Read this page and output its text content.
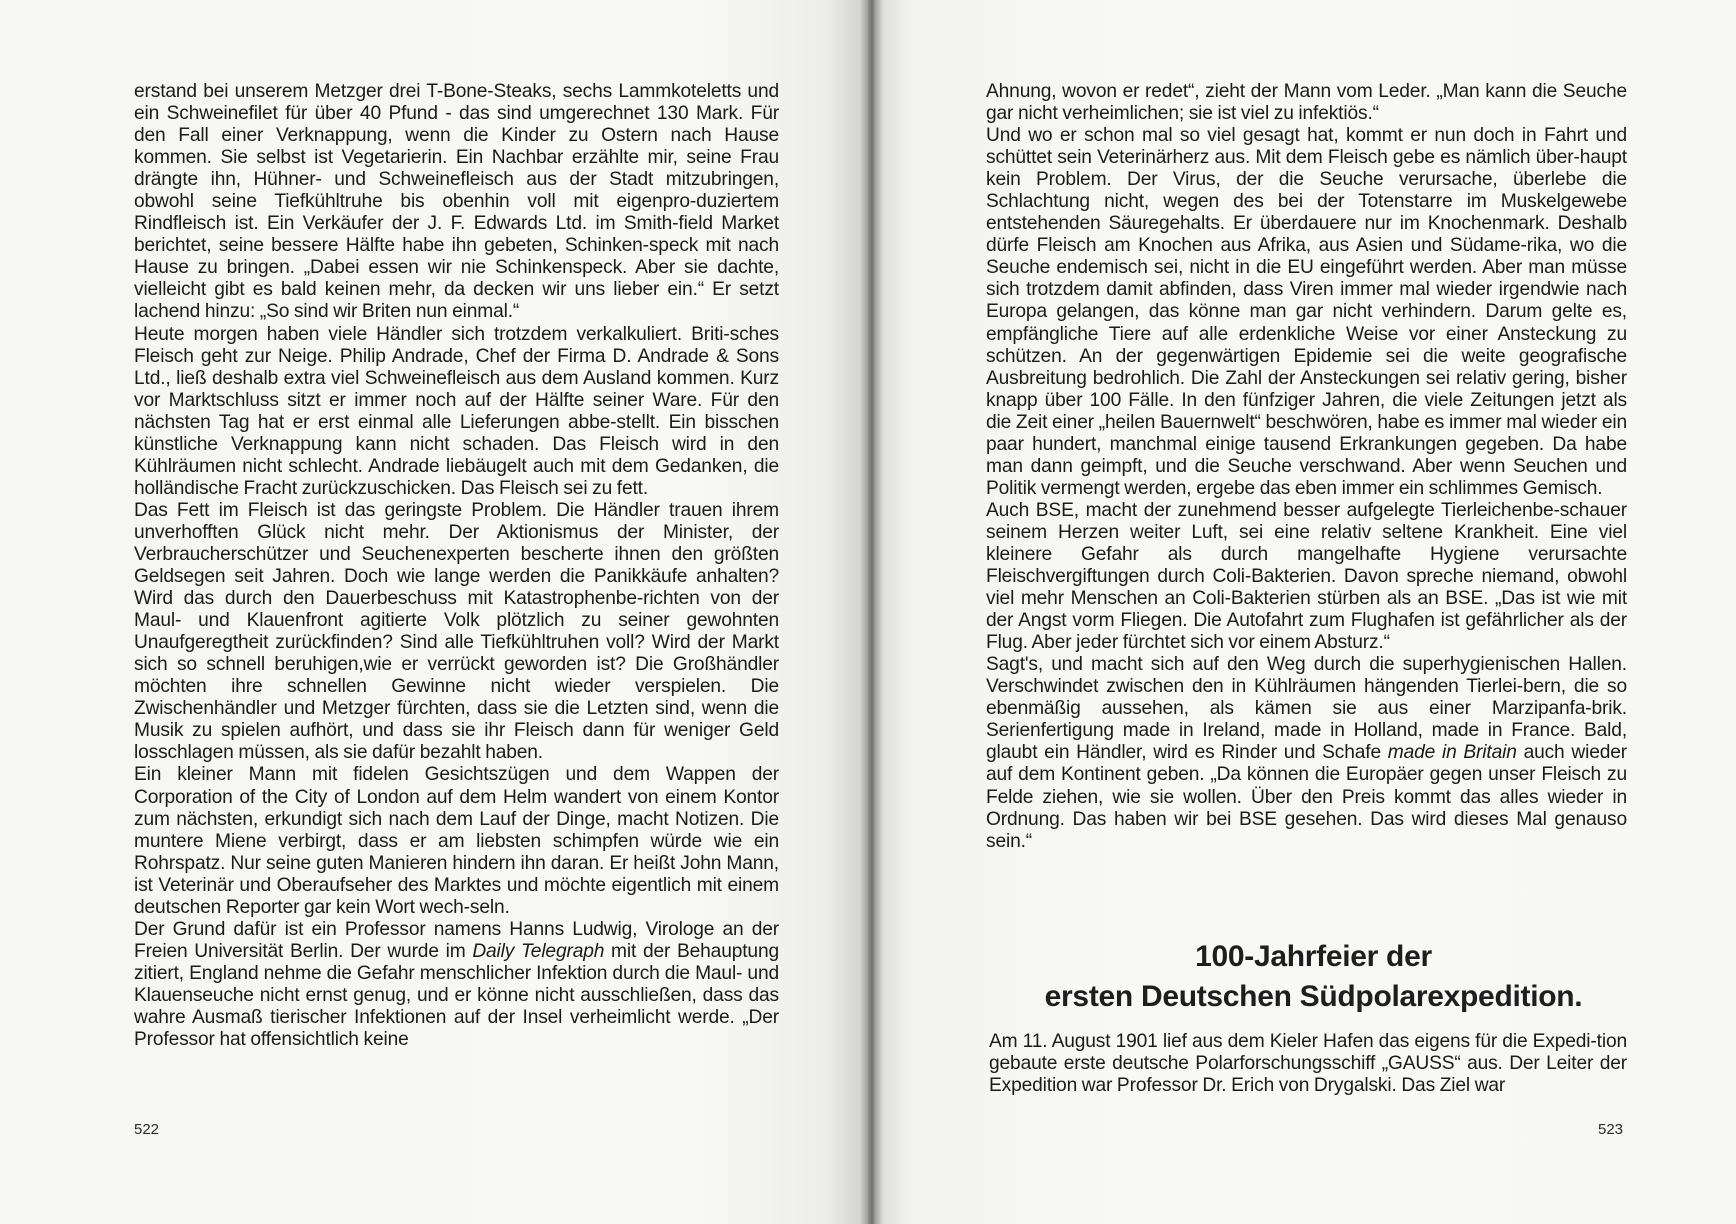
erstand bei unserem Metzger drei T-Bone-Steaks, sechs Lammkoteletts und ein Schweinefilet für über 40 Pfund - das sind umgerechnet 130 Mark. Für den Fall einer Verknappung, wenn die Kinder zu Ostern nach Hause kommen. Sie selbst ist Vegetarierin. Ein Nachbar erzählte mir, seine Frau drängte ihn, Hühner- und Schweinefleisch aus der Stadt mitzubringen, obwohl seine Tiefkühltruhe bis obenhin voll mit eigenpro-duziertem Rindfleisch ist. Ein Verkäufer der J. F. Edwards Ltd. im Smith-field Market berichtet, seine bessere Hälfte habe ihn gebeten, Schinken-speck mit nach Hause zu bringen. „Dabei essen wir nie Schinkenspeck. Aber sie dachte, vielleicht gibt es bald keinen mehr, da decken wir uns lieber ein.“ Er setzt lachend hinzu: „So sind wir Briten nun einmal.“

Heute morgen haben viele Händler sich trotzdem verkalkuliert. Briti-sches Fleisch geht zur Neige. Philip Andrade, Chef der Firma D. Andrade & Sons Ltd., ließ deshalb extra viel Schweinefleisch aus dem Ausland kommen. Kurz vor Marktschluss sitzt er immer noch auf der Hälfte seiner Ware. Für den nächsten Tag hat er erst einmal alle Lieferungen abbe-stellt. Ein bisschen künstliche Verknappung kann nicht schaden. Das Fleisch wird in den Kühlräumen nicht schlecht. Andrade liebäugelt auch mit dem Gedanken, die holländische Fracht zurückzuschicken. Das Fleisch sei zu fett.

Das Fett im Fleisch ist das geringste Problem. Die Händler trauen ihrem unverhofften Glück nicht mehr. Der Aktionismus der Minister, der Verbraucherschützer und Seuchenexperten bescherte ihnen den größten Geldsegen seit Jahren. Doch wie lange werden die Panikkäufe anhalten? Wird das durch den Dauerbeschuss mit Katastrophenbe-richten von der Maul- und Klauenfront agitierte Volk plötzlich zu seiner gewohnten Unaufgeregtheit zurückfinden? Sind alle Tiefkühltruhen voll? Wird der Markt sich so schnell beruhigen,wie er verrückt geworden ist? Die Großhändler möchten ihre schnellen Gewinne nicht wieder verspielen. Die Zwischenhändler und Metzger fürchten, dass sie die Letzten sind, wenn die Musik zu spielen aufhört, und dass sie ihr Fleisch dann für weniger Geld losschlagen müssen, als sie dafür bezahlt haben.

Ein kleiner Mann mit fidelen Gesichtszügen und dem Wappen der Corporation of the City of London auf dem Helm wandert von einem Kontor zum nächsten, erkundigt sich nach dem Lauf der Dinge, macht Notizen. Die muntere Miene verbirgt, dass er am liebsten schimpfen würde wie ein Rohrspatz. Nur seine guten Manieren hindern ihn daran. Er heißt John Mann, ist Veterinär und Oberaufseher des Marktes und möchte eigentlich mit einem deutschen Reporter gar kein Wort wech-seln.

Der Grund dafür ist ein Professor namens Hanns Ludwig, Virologe an der Freien Universität Berlin. Der wurde im Daily Telegraph mit der Behauptung zitiert, England nehme die Gefahr menschlicher Infektion durch die Maul- und Klauenseuche nicht ernst genug, und er könne nicht ausschließen, dass das wahre Ausmaß tierischer Infektionen auf der Insel verheimlicht werde. „Der Professor hat offensichtlich keine

522

Ahnung, wovon er redet“, zieht der Mann vom Leder. „Man kann die Seuche gar nicht verheimlichen; sie ist viel zu infektiös.“

Und wo er schon mal so viel gesagt hat, kommt er nun doch in Fahrt und schüttet sein Veterinärherz aus. Mit dem Fleisch gebe es nämlich über-haupt kein Problem. Der Virus, der die Seuche verursache, überlebe die Schlachtung nicht, wegen des bei der Totenstarre im Muskelgewebe entstehenden Säuregehalts. Er überdauere nur im Knochenmark. Deshalb dürfe Fleisch am Knochen aus Afrika, aus Asien und Südame-rika, wo die Seuche endemisch sei, nicht in die EU eingeführt werden. Aber man müsse sich trotzdem damit abfinden, dass Viren immer mal wieder irgendwie nach Europa gelangen, das könne man gar nicht verhindern. Darum gelte es, empfängliche Tiere auf alle erdenkliche Weise vor einer Ansteckung zu schützen. An der gegenwärtigen Epidemie sei die weite geografische Ausbreitung bedrohlich. Die Zahl der Ansteckungen sei relativ gering, bisher knapp über 100 Fälle. In den fünfziger Jahren, die viele Zeitungen jetzt als die Zeit einer „heilen Bauernwelt“ beschwören, habe es immer mal wieder ein paar hundert, manchmal einige tausend Erkrankungen gegeben. Da habe man dann geimpft, und die Seuche verschwand. Aber wenn Seuchen und Politik vermengt werden, ergebe das eben immer ein schlimmes Gemisch.

Auch BSE, macht der zunehmend besser aufgelegte Tierleichenbe-schauer seinem Herzen weiter Luft, sei eine relativ seltene Krankheit. Eine viel kleinere Gefahr als durch mangelhafte Hygiene verursachte Fleischvergiftungen durch Coli-Bakterien. Davon spreche niemand, obwohl viel mehr Menschen an Coli-Bakterien stürben als an BSE. „Das ist wie mit der Angst vorm Fliegen. Die Autofahrt zum Flughafen ist gefährlicher als der Flug. Aber jeder fürchtet sich vor einem Absturz.“

Sagt's, und macht sich auf den Weg durch die superhygienischen Hallen. Verschwindet zwischen den in Kühlräumen hängenden Tierlei-bern, die so ebenmäßig aussehen, als kämen sie aus einer Marzipanfa-brik. Serienfertigung made in Ireland, made in Holland, made in France. Bald, glaubt ein Händler, wird es Rinder und Schafe made in Britain auch wieder auf dem Kontinent geben. „Da können die Europäer gegen unser Fleisch zu Felde ziehen, wie sie wollen. Über den Preis kommt das alles wieder in Ordnung. Das haben wir bei BSE gesehen. Das wird dieses Mal genauso sein.“

100-Jahrfeier der
ersten Deutschen Südpolarexpedition.
Am 11. August 1901 lief aus dem Kieler Hafen das eigens für die Expedi-tion gebaute erste deutsche Polarforschungsschiff „GAUSS“ aus. Der Leiter der Expedition war Professor Dr. Erich von Drygalski. Das Ziel war
523
